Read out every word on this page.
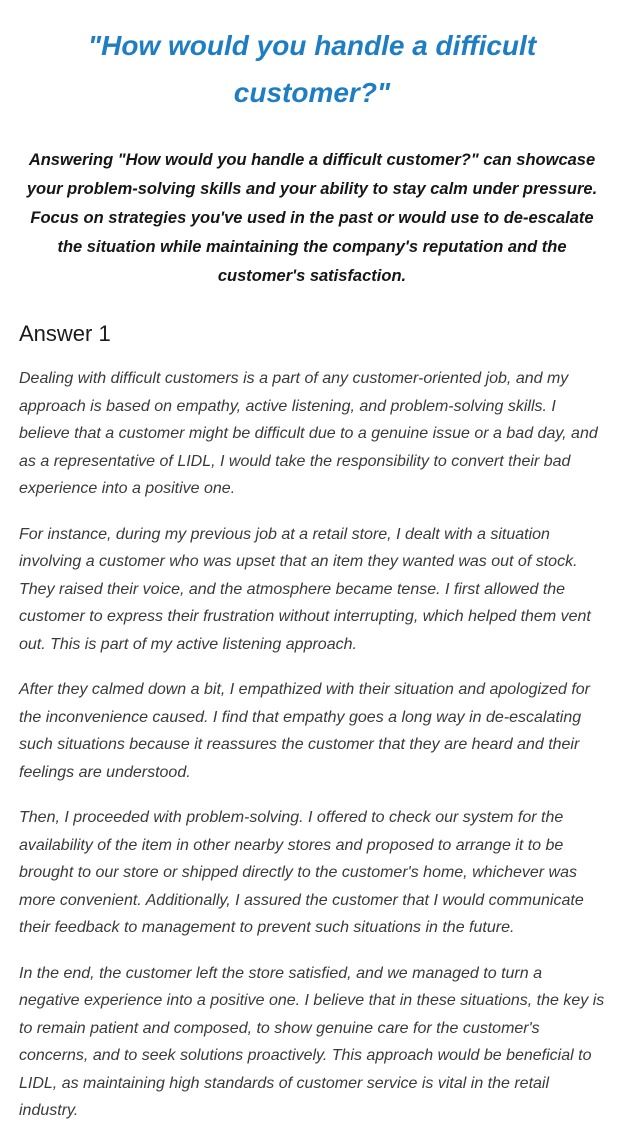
"How would you handle a difficult customer?"

Answering "How would you handle a difficult customer?" can showcase your problem-solving skills and your ability to stay calm under pressure. Focus on strategies you've used in the past or would use to de-escalate the situation while maintaining the company's reputation and the customer's satisfaction.

Answer 1

Dealing with difficult customers is a part of any customer-oriented job, and my approach is based on empathy, active listening, and problem-solving skills. I believe that a customer might be difficult due to a genuine issue or a bad day, and as a representative of LIDL, I would take the responsibility to convert their bad experience into a positive one.

For instance, during my previous job at a retail store, I dealt with a situation involving a customer who was upset that an item they wanted was out of stock. They raised their voice, and the atmosphere became tense. I first allowed the customer to express their frustration without interrupting, which helped them vent out. This is part of my active listening approach.

After they calmed down a bit, I empathized with their situation and apologized for the inconvenience caused. I find that empathy goes a long way in de-escalating such situations because it reassures the customer that they are heard and their feelings are understood.

Then, I proceeded with problem-solving. I offered to check our system for the availability of the item in other nearby stores and proposed to arrange it to be brought to our store or shipped directly to the customer's home, whichever was more convenient. Additionally, I assured the customer that I would communicate their feedback to management to prevent such situations in the future.

In the end, the customer left the store satisfied, and we managed to turn a negative experience into a positive one. I believe that in these situations, the key is to remain patient and composed, to show genuine care for the customer's concerns, and to seek solutions proactively. This approach would be beneficial to LIDL, as maintaining high standards of customer service is vital in the retail industry.
